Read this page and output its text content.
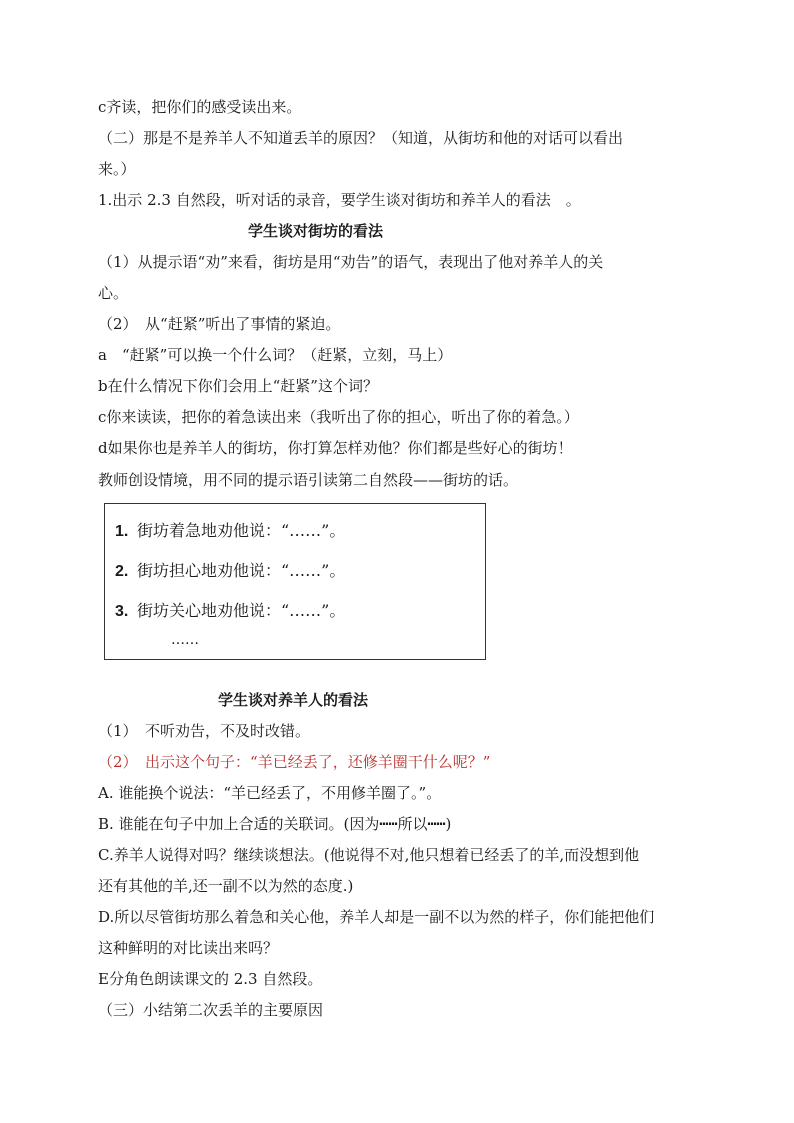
c齐读，把你们的感受读出来。
（二）那是不是养羊人不知道丢羊的原因？（知道，从街坊和他的对话可以看出
来。）
1.出示 2.3 自然段，听对话的录音，要学生谈对街坊和养羊人的看法　。
学生谈对街坊的看法
（1）从提示语“劝”来看，街坊是用“劝告”的语气，表现出了他对养羊人的关
心。
（2）　从“赶紧”听出了事情的紧迫。
a　“赶紧”可以换一个什么词？（赶紧，立刻，马上）
b在什么情况下你们会用上“赶紧”这个词？
c你来读读，把你的着急读出来（我听出了你的担心，听出了你的着急。）
d如果你也是养羊人的街坊，你打算怎样劝他？你们都是些好心的街坊！
教师创设情境，用不同的提示语引读第二自然段——街坊的话。
1. 街坊着急地劝他说：“……”。
2. 街坊担心地劝他说：“……”。
3. 街坊关心地劝他说：“……”。
……
学生谈对养羊人的看法
（1）　不听劝告，不及时改错。
（2）　出示这个句子：“羊已经丢了，还修羊圈干什么呢？”
A. 谁能换个说法：“羊已经丢了，不用修羊圈了。”。
B. 谁能在句子中加上合适的关联词。(因为┅┅所以┅┅)
C.养羊人说得对吗？继续谈想法。(他说得不对,他只想着已经丢了的羊,而没想到他
还有其他的羊,还一副不以为然的态度.)
D.所以尽管街坊那么着急和关心他，养羊人却是一副不以为然的样子，你们能把他们
这种鲜明的对比读出来吗？
E分角色朗读课文的 2.3 自然段。
（三）小结第二次丢羊的主要原因
